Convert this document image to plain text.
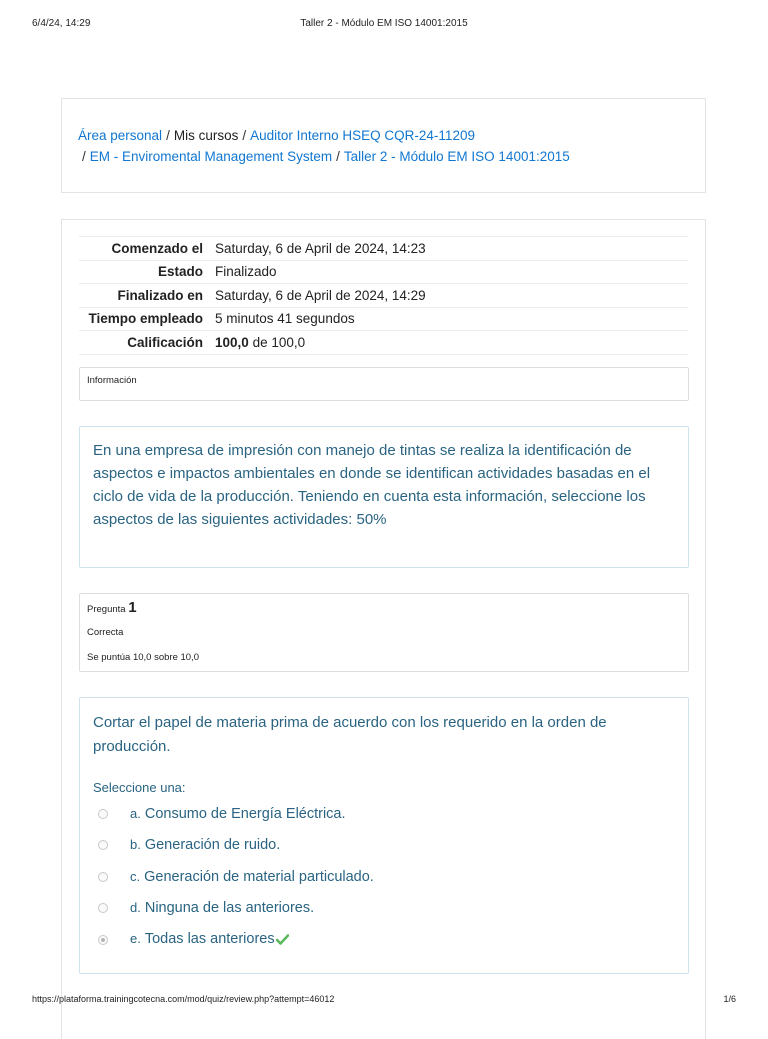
6/4/24, 14:29	Taller 2 - Módulo EM ISO 14001:2015
Área personal / Mis cursos / Auditor Interno HSEQ CQR-24-11209
/ EM - Enviromental Management System / Taller 2 - Módulo EM ISO 14001:2015
Comenzado el	Saturday, 6 de April de 2024, 14:23
Estado	Finalizado
Finalizado en	Saturday, 6 de April de 2024, 14:29
Tiempo empleado	5 minutos 41 segundos
Calificación	100,0 de 100,0
Información

En una empresa de impresión con manejo de tintas se realiza la identificación de aspectos e impactos ambientales en donde se identifican actividades basadas en el ciclo de vida de la producción. Teniendo en cuenta esta información, seleccione los aspectos de las siguientes actividades: 50%

Pregunta 1
Correcta
Se puntúa 10,0 sobre 10,0

Cortar el papel de materia prima de acuerdo con los requerido en la orden de producción.

Seleccione una:
a. Consumo de Energía Eléctrica.
b. Generación de ruido.
c. Generación de material particulado.
d. Ninguna de las anteriores.
e. Todas las anteriores
https://plataforma.trainingcotecna.com/mod/quiz/review.php?attempt=46012	1/6
